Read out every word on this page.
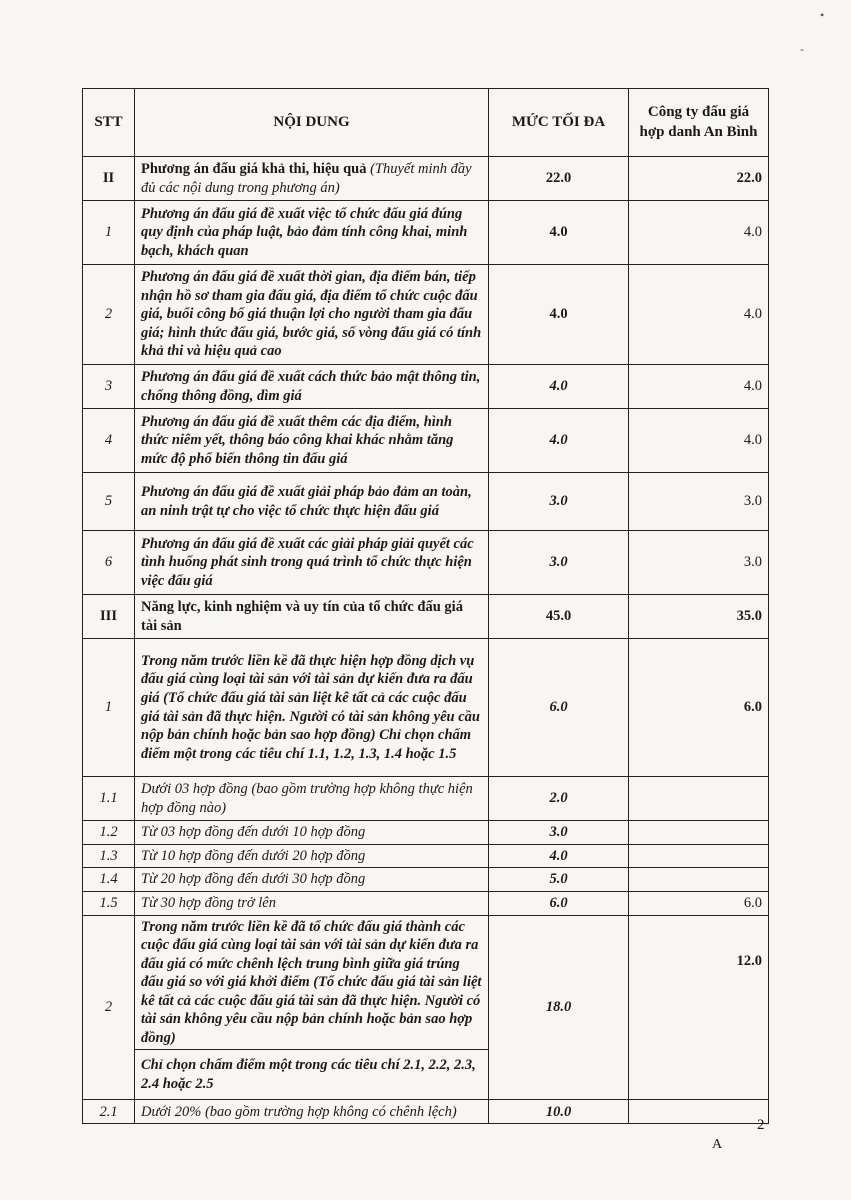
•
-
STT	NỘI DUNG	MỨC TỐI ĐA	Công ty đấu giá hợp danh An Bình
II	Phương án đấu giá khả thi, hiệu quả (Thuyết minh đầy đủ các nội dung trong phương án)	22.0	22.0
1	Phương án đấu giá đề xuất việc tổ chức đấu giá đúng quy định của pháp luật, bảo đảm tính công khai, minh bạch, khách quan	4.0	4.0
2	Phương án đấu giá đề xuất thời gian, địa điểm bán, tiếp nhận hồ sơ tham gia đấu giá, địa điểm tổ chức cuộc đấu giá, buổi công bố giá thuận lợi cho người tham gia đấu giá; hình thức đấu giá, bước giá, số vòng đấu giá có tính khả thi và hiệu quả cao	4.0	4.0
3	Phương án đấu giá đề xuất cách thức bảo mật thông tin, chống thông đồng, dìm giá	4.0	4.0
4	Phương án đấu giá đề xuất thêm các địa điểm, hình thức niêm yết, thông báo công khai khác nhằm tăng mức độ phổ biến thông tin đấu giá	4.0	4.0
5	Phương án đấu giá đề xuất giải pháp bảo đảm an toàn, an ninh trật tự cho việc tổ chức thực hiện đấu giá	3.0	3.0
6	Phương án đấu giá đề xuất các giải pháp giải quyết các tình huống phát sinh trong quá trình tổ chức thực hiện việc đấu giá	3.0	3.0
III	Năng lực, kinh nghiệm và uy tín của tổ chức đấu giá tài sản	45.0	35.0
1	Trong năm trước liền kề đã thực hiện hợp đồng dịch vụ đấu giá cùng loại tài sản với tài sản dự kiến đưa ra đấu giá (Tổ chức đấu giá tài sản liệt kê tất cả các cuộc đấu giá tài sản đã thực hiện. Người có tài sản không yêu cầu nộp bản chính hoặc bản sao hợp đồng) Chỉ chọn chấm điểm một trong các tiêu chí 1.1, 1.2, 1.3, 1.4 hoặc 1.5	6.0	6.0
1.1	Dưới 03 hợp đồng (bao gồm trường hợp không thực hiện hợp đồng nào)	2.0	
1.2	Từ 03 hợp đồng đến dưới 10 hợp đồng	3.0	
1.3	Từ 10 hợp đồng đến dưới 20 hợp đồng	4.0	
1.4	Từ 20 hợp đồng đến dưới 30 hợp đồng	5.0	
1.5	Từ 30 hợp đồng trở lên	6.0	6.0
2	Trong năm trước liền kề đã tổ chức đấu giá thành các cuộc đấu giá cùng loại tài sản với tài sản dự kiến đưa ra đấu giá có mức chênh lệch trung bình giữa giá trúng đấu giá so với giá khởi điểm (Tổ chức đấu giá tài sản liệt kê tất cả các cuộc đấu giá tài sản đã thực hiện. Người có tài sản không yêu cầu nộp bản chính hoặc bản sao hợp đồng)	18.0	12.0
	Chỉ chọn chấm điểm một trong các tiêu chí 2.1, 2.2, 2.3, 2.4 hoặc 2.5		
2.1	Dưới 20% (bao gồm trường hợp không có chênh lệch)	10.0	
2
A
